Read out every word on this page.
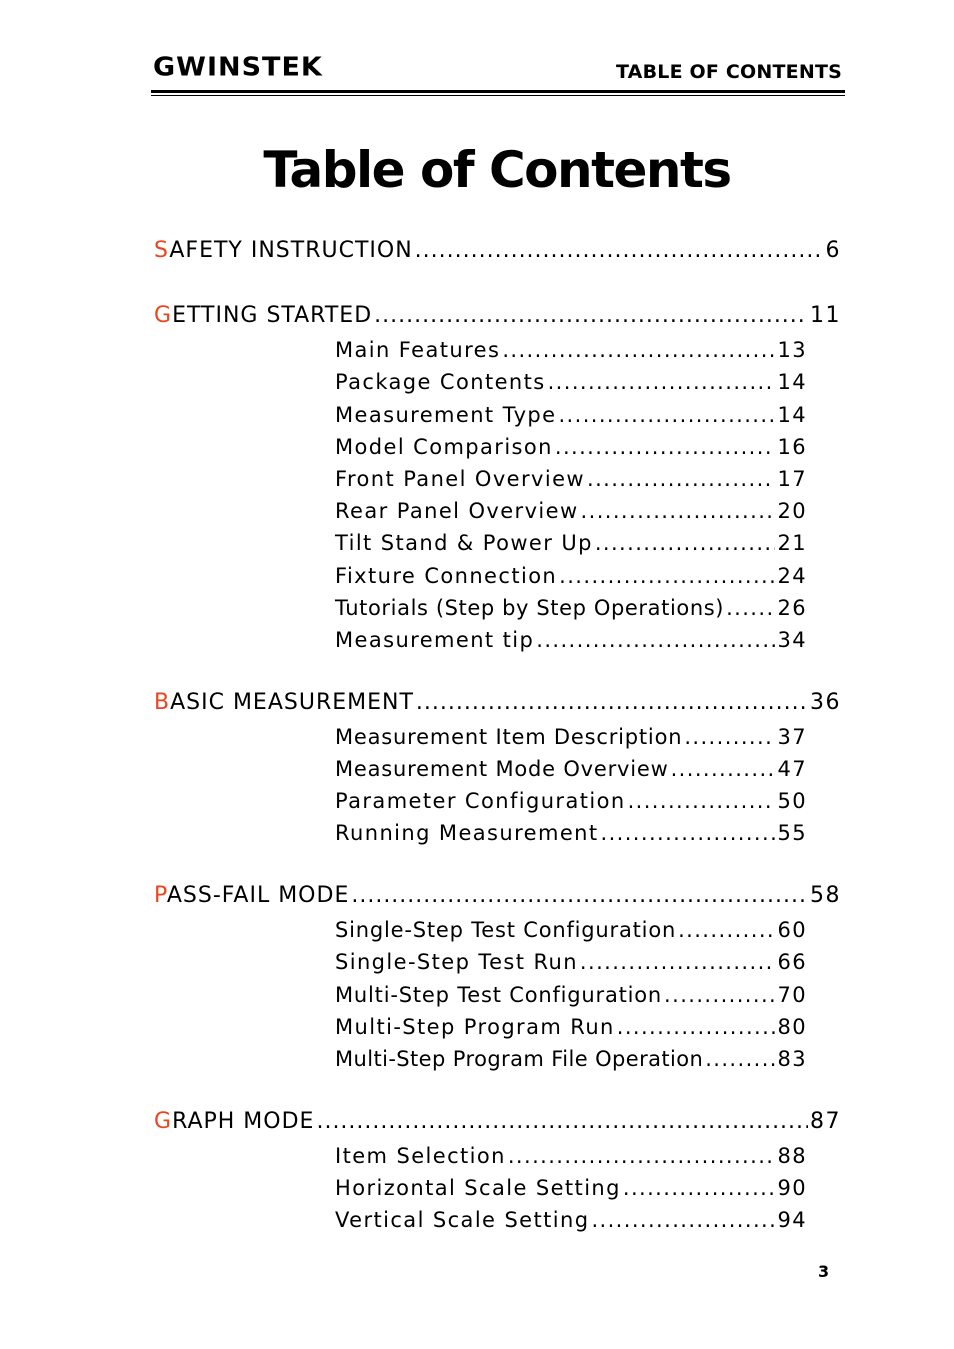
GWINSTEK	TABLE OF CONTENTS
Table of Contents
SAFETY INSTRUCTION .....	6
GETTING STARTED .....	11
Main Features .....	13
Package Contents .....	14
Measurement Type .....	14
Model Comparison .....	16
Front Panel Overview .....	17
Rear Panel Overview .....	20
Tilt Stand & Power Up .....	21
Fixture Connection .....	24
Tutorials (Step by Step Operations) .....	26
Measurement tip .....	34
BASIC MEASUREMENT .....	36
Measurement Item Description .....	37
Measurement Mode Overview .....	47
Parameter Configuration .....	50
Running Measurement .....	55
PASS-FAIL MODE .....	58
Single-Step Test Configuration .....	60
Single-Step Test Run .....	66
Multi-Step Test Configuration .....	70
Multi-Step Program Run .....	80
Multi-Step Program File Operation .....	83
GRAPH MODE .....	87
Item Selection .....	88
Horizontal Scale Setting .....	90
Vertical Scale Setting .....	94
3
